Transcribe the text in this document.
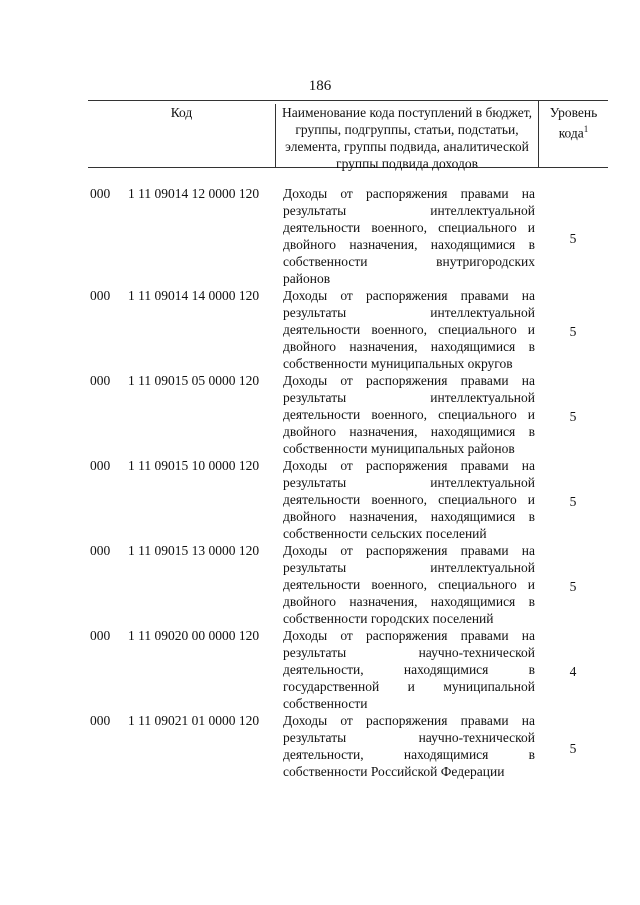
186
Код	Наименование кода поступлений в бюджет, группы, подгруппы, статьи, подстатьи, элемента, группы подвида, аналитической группы подвида доходов
Уровень кода$^1$
000 1 11 09014 12 0000 120 Доходы от распоряжения правами на
результаты интеллектуальной
деятельности военного, специального и
двойного назначения, находящимися в
собственности внутригородских
районов
5
000 1 11 09014 14 0000 120 Доходы от распоряжения правами на
результаты интеллектуальной
деятельности военного, специального и
двойного назначения, находящимися в
собственности муниципальных округов
5
000 1 11 09015 05 0000 120 Доходы от распоряжения правами на
результаты интеллектуальной
деятельности военного, специального и
двойного назначения, находящимися в
собственности муниципальных районов
5
000 1 11 09015 10 0000 120 Доходы от распоряжения правами на
результаты интеллектуальной
деятельности военного, специального и
двойного назначения, находящимися в
собственности сельских поселений
5
000 1 11 09015 13 0000 120 Доходы от распоряжения правами на
результаты интеллектуальной
деятельности военного, специального и
двойного назначения, находящимися в
собственности городских поселений
5
000 1 11 09020 00 0000 120 Доходы от распоряжения правами на
результаты научно-технической
деятельности, находящимися в
государственной и муниципальной
собственности
4
000 1 11 09021 01 0000 120 Доходы от распоряжения правами на
результаты научно-технической
деятельности, находящимися в
собственности Российской Федерации
5
